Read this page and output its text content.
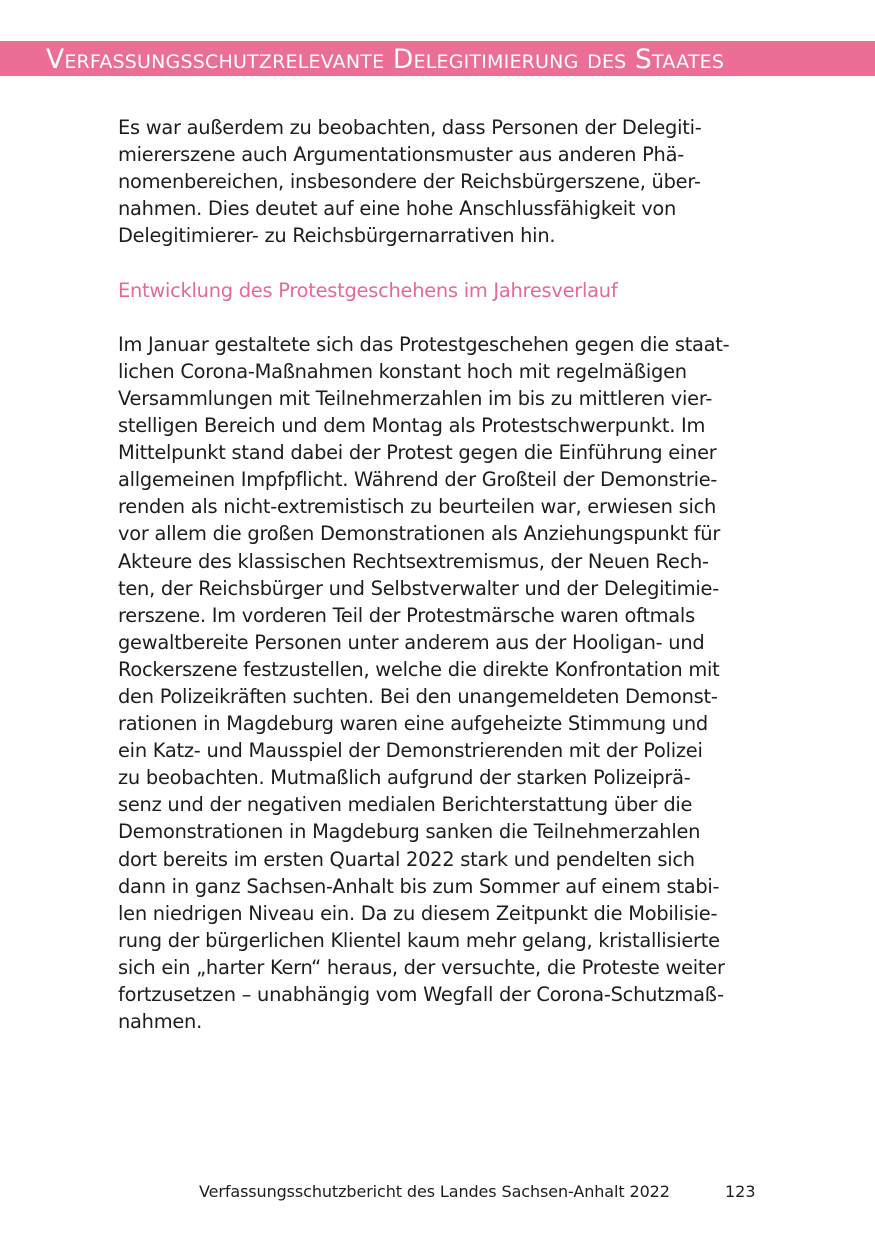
Verfassungsschutzrelevante Delegitimierung des Staates
Es war außerdem zu beobachten, dass Personen der Delegiti-
miererszene auch Argumentationsmuster aus anderen Phä-
nomenbereichen, insbesondere der Reichsbürgerszene, über-
nahmen. Dies deutet auf eine hohe Anschlussfähigkeit von
Delegitimierer- zu Reichsbürgernarrativen hin.
Entwicklung des Protestgeschehens im Jahresverlauf
Im Januar gestaltete sich das Protestgeschehen gegen die staat-
lichen Corona-Maßnahmen konstant hoch mit regelmäßigen
Versammlungen mit Teilnehmerzahlen im bis zu mittleren vier-
stelligen Bereich und dem Montag als Protestschwerpunkt. Im
Mittelpunkt stand dabei der Protest gegen die Einführung einer
allgemeinen Impfpflicht. Während der Großteil der Demonstrie-
renden als nicht-extremistisch zu beurteilen war, erwiesen sich
vor allem die großen Demonstrationen als Anziehungspunkt für
Akteure des klassischen Rechtsextremismus, der Neuen Rech-
ten, der Reichsbürger und Selbstverwalter und der Delegitimie-
rerszene. Im vorderen Teil der Protestmärsche waren oftmals
gewaltbereite Personen unter anderem aus der Hooligan- und
Rockerszene festzustellen, welche die direkte Konfrontation mit
den Polizeikräften suchten. Bei den unangemeldeten Demonst-
rationen in Magdeburg waren eine aufgeheizte Stimmung und
ein Katz- und Mausspiel der Demonstrierenden mit der Polizei
zu beobachten. Mutmaßlich aufgrund der starken Polizeiprä-
senz und der negativen medialen Berichterstattung über die
Demonstrationen in Magdeburg sanken die Teilnehmerzahlen
dort bereits im ersten Quartal 2022 stark und pendelten sich
dann in ganz Sachsen-Anhalt bis zum Sommer auf einem stabi-
len niedrigen Niveau ein. Da zu diesem Zeitpunkt die Mobilisie-
rung der bürgerlichen Klientel kaum mehr gelang, kristallisierte
sich ein „harter Kern“ heraus, der versuchte, die Proteste weiter
fortzusetzen – unabhängig vom Wegfall der Corona-Schutzmaß-
nahmen.
Verfassungsschutzbericht des Landes Sachsen-Anhalt 2022	123
